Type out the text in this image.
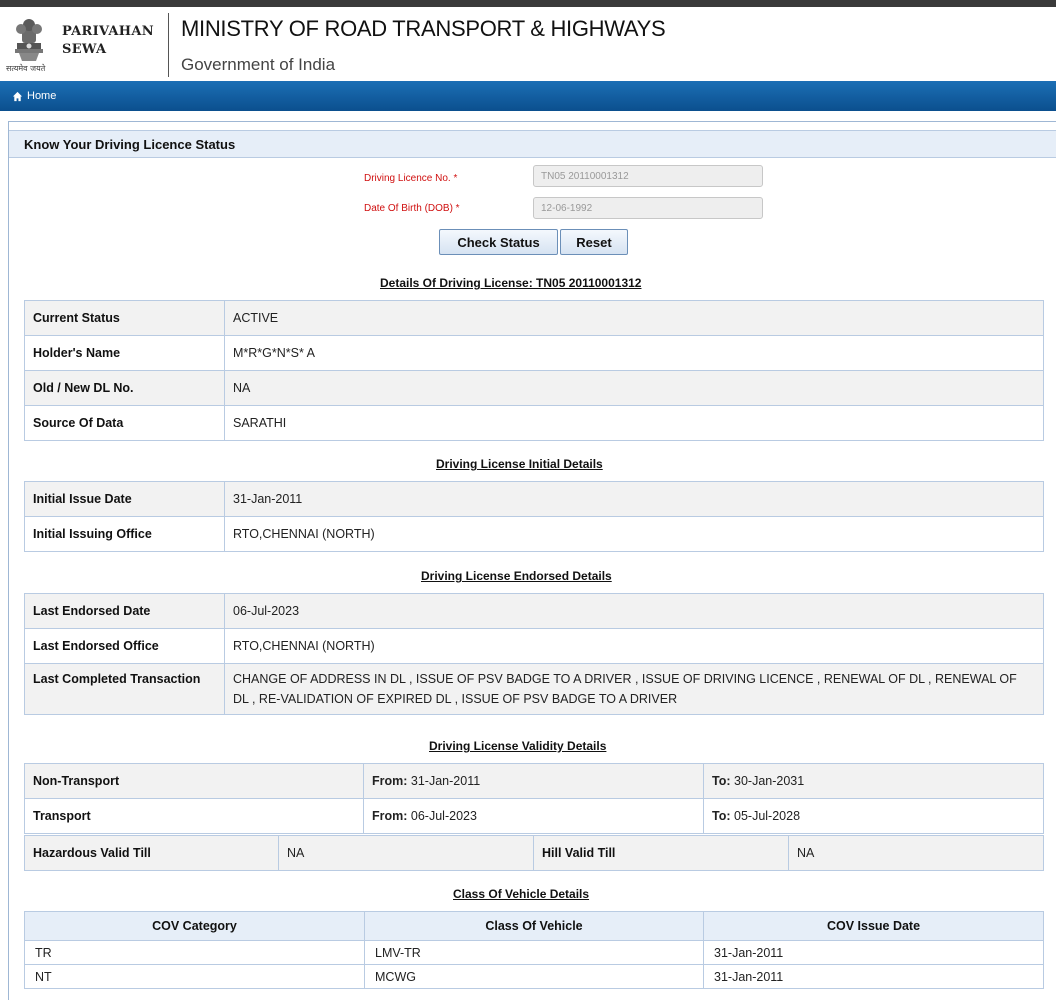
सत्यमेव जयते
PARIVAHAN
SEWA
MINISTRY OF ROAD TRANSPORT & HIGHWAYS
Government of India
Home
Know Your Driving Licence Status
Driving Licence No. *
TN05 20110001312
Date Of Birth (DOB) *
12-06-1992
Check Status	Reset
Details Of Driving License: TN05 20110001312
Current Status	ACTIVE
Holder's Name	M*R*G*N*S* A
Old / New DL No.	NA
Source Of Data	SARATHI
Driving License Initial Details
Initial Issue Date	31-Jan-2011
Initial Issuing Office	RTO,CHENNAI (NORTH)
Driving License Endorsed Details
Last Endorsed Date	06-Jul-2023
Last Endorsed Office	RTO,CHENNAI (NORTH)
Last Completed Transaction	CHANGE OF ADDRESS IN DL , ISSUE OF PSV BADGE TO A DRIVER , ISSUE OF DRIVING LICENCE , RENEWAL OF DL , RENEWAL OF DL , RE-VALIDATION OF EXPIRED DL , ISSUE OF PSV BADGE TO A DRIVER
Driving License Validity Details
Non-Transport	From: 31-Jan-2011	To: 30-Jan-2031
Transport	From: 06-Jul-2023	To: 05-Jul-2028
Hazardous Valid Till	NA	Hill Valid Till	NA
Class Of Vehicle Details
COV Category	Class Of Vehicle	COV Issue Date
TR	LMV-TR	31-Jan-2011
NT	MCWG	31-Jan-2011
